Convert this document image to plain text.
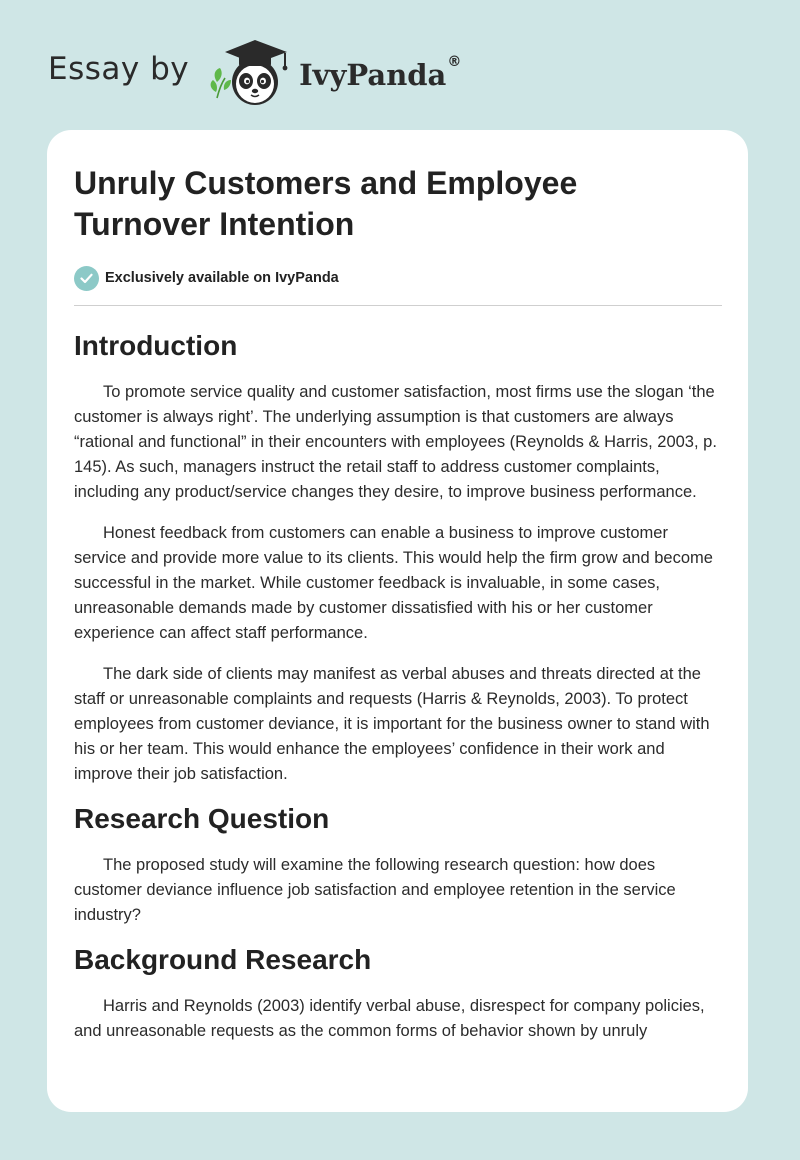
Essay by	IvyPanda®
Unruly Customers and Employee Turnover Intention
Exclusively available on IvyPanda
Introduction

To promote service quality and customer satisfaction, most firms use the slogan ‘the customer is always right’. The underlying assumption is that customers are always “rational and functional” in their encounters with employees (Reynolds & Harris, 2003, p. 145). As such, managers instruct the retail staff to address customer complaints, including any product/service changes they desire, to improve business performance.

Honest feedback from customers can enable a business to improve customer service and provide more value to its clients. This would help the firm grow and become successful in the market. While customer feedback is invaluable, in some cases, unreasonable demands made by customer dissatisfied with his or her customer experience can affect staff performance.

The dark side of clients may manifest as verbal abuses and threats directed at the staff or unreasonable complaints and requests (Harris & Reynolds, 2003). To protect employees from customer deviance, it is important for the business owner to stand with his or her team. This would enhance the employees’ confidence in their work and improve their job satisfaction.

Research Question

The proposed study will examine the following research question: how does customer deviance influence job satisfaction and employee retention in the service industry?

Background Research

Harris and Reynolds (2003) identify verbal abuse, disrespect for company policies, and unreasonable requests as the common forms of behavior shown by unruly
